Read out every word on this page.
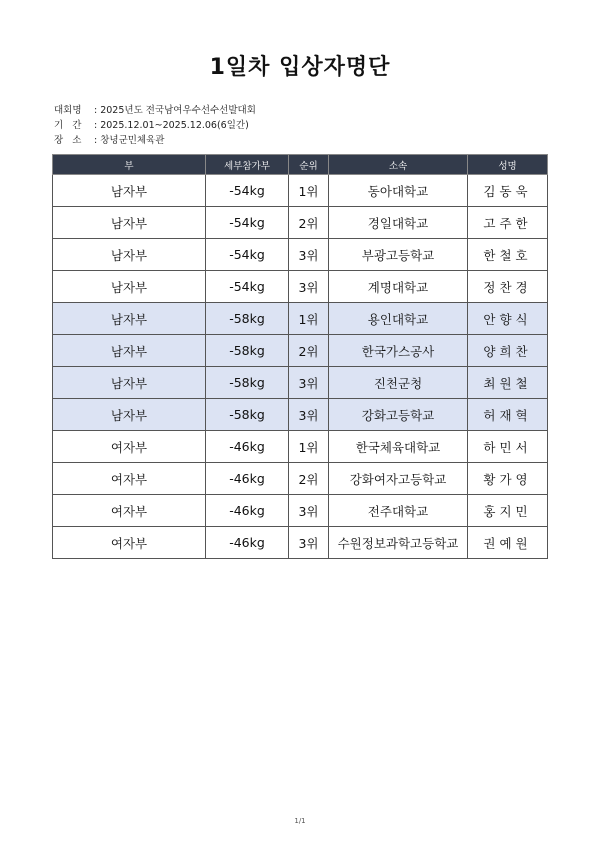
1일차 입상자명단
대회명	: 2025년도 전국남여우수선수선발대회
기   간	: 2025.12.01~2025.12.06(6일간)
장   소	: 창녕군민체육관
부	세부참가부	순위	소속	성명
남자부	-54kg	1위	동아대학교	김동욱
남자부	-54kg	2위	경일대학교	고주한
남자부	-54kg	3위	부광고등학교	한철호
남자부	-54kg	3위	계명대학교	정찬경
남자부	-58kg	1위	용인대학교	안향식
남자부	-58kg	2위	한국가스공사	양희찬
남자부	-58kg	3위	진천군청	최원철
남자부	-58kg	3위	강화고등학교	허재혁
여자부	-46kg	1위	한국체육대학교	하민서
여자부	-46kg	2위	강화여자고등학교	황가영
여자부	-46kg	3위	전주대학교	홍지민
여자부	-46kg	3위	수원정보과학고등학교	권예원
1/1
